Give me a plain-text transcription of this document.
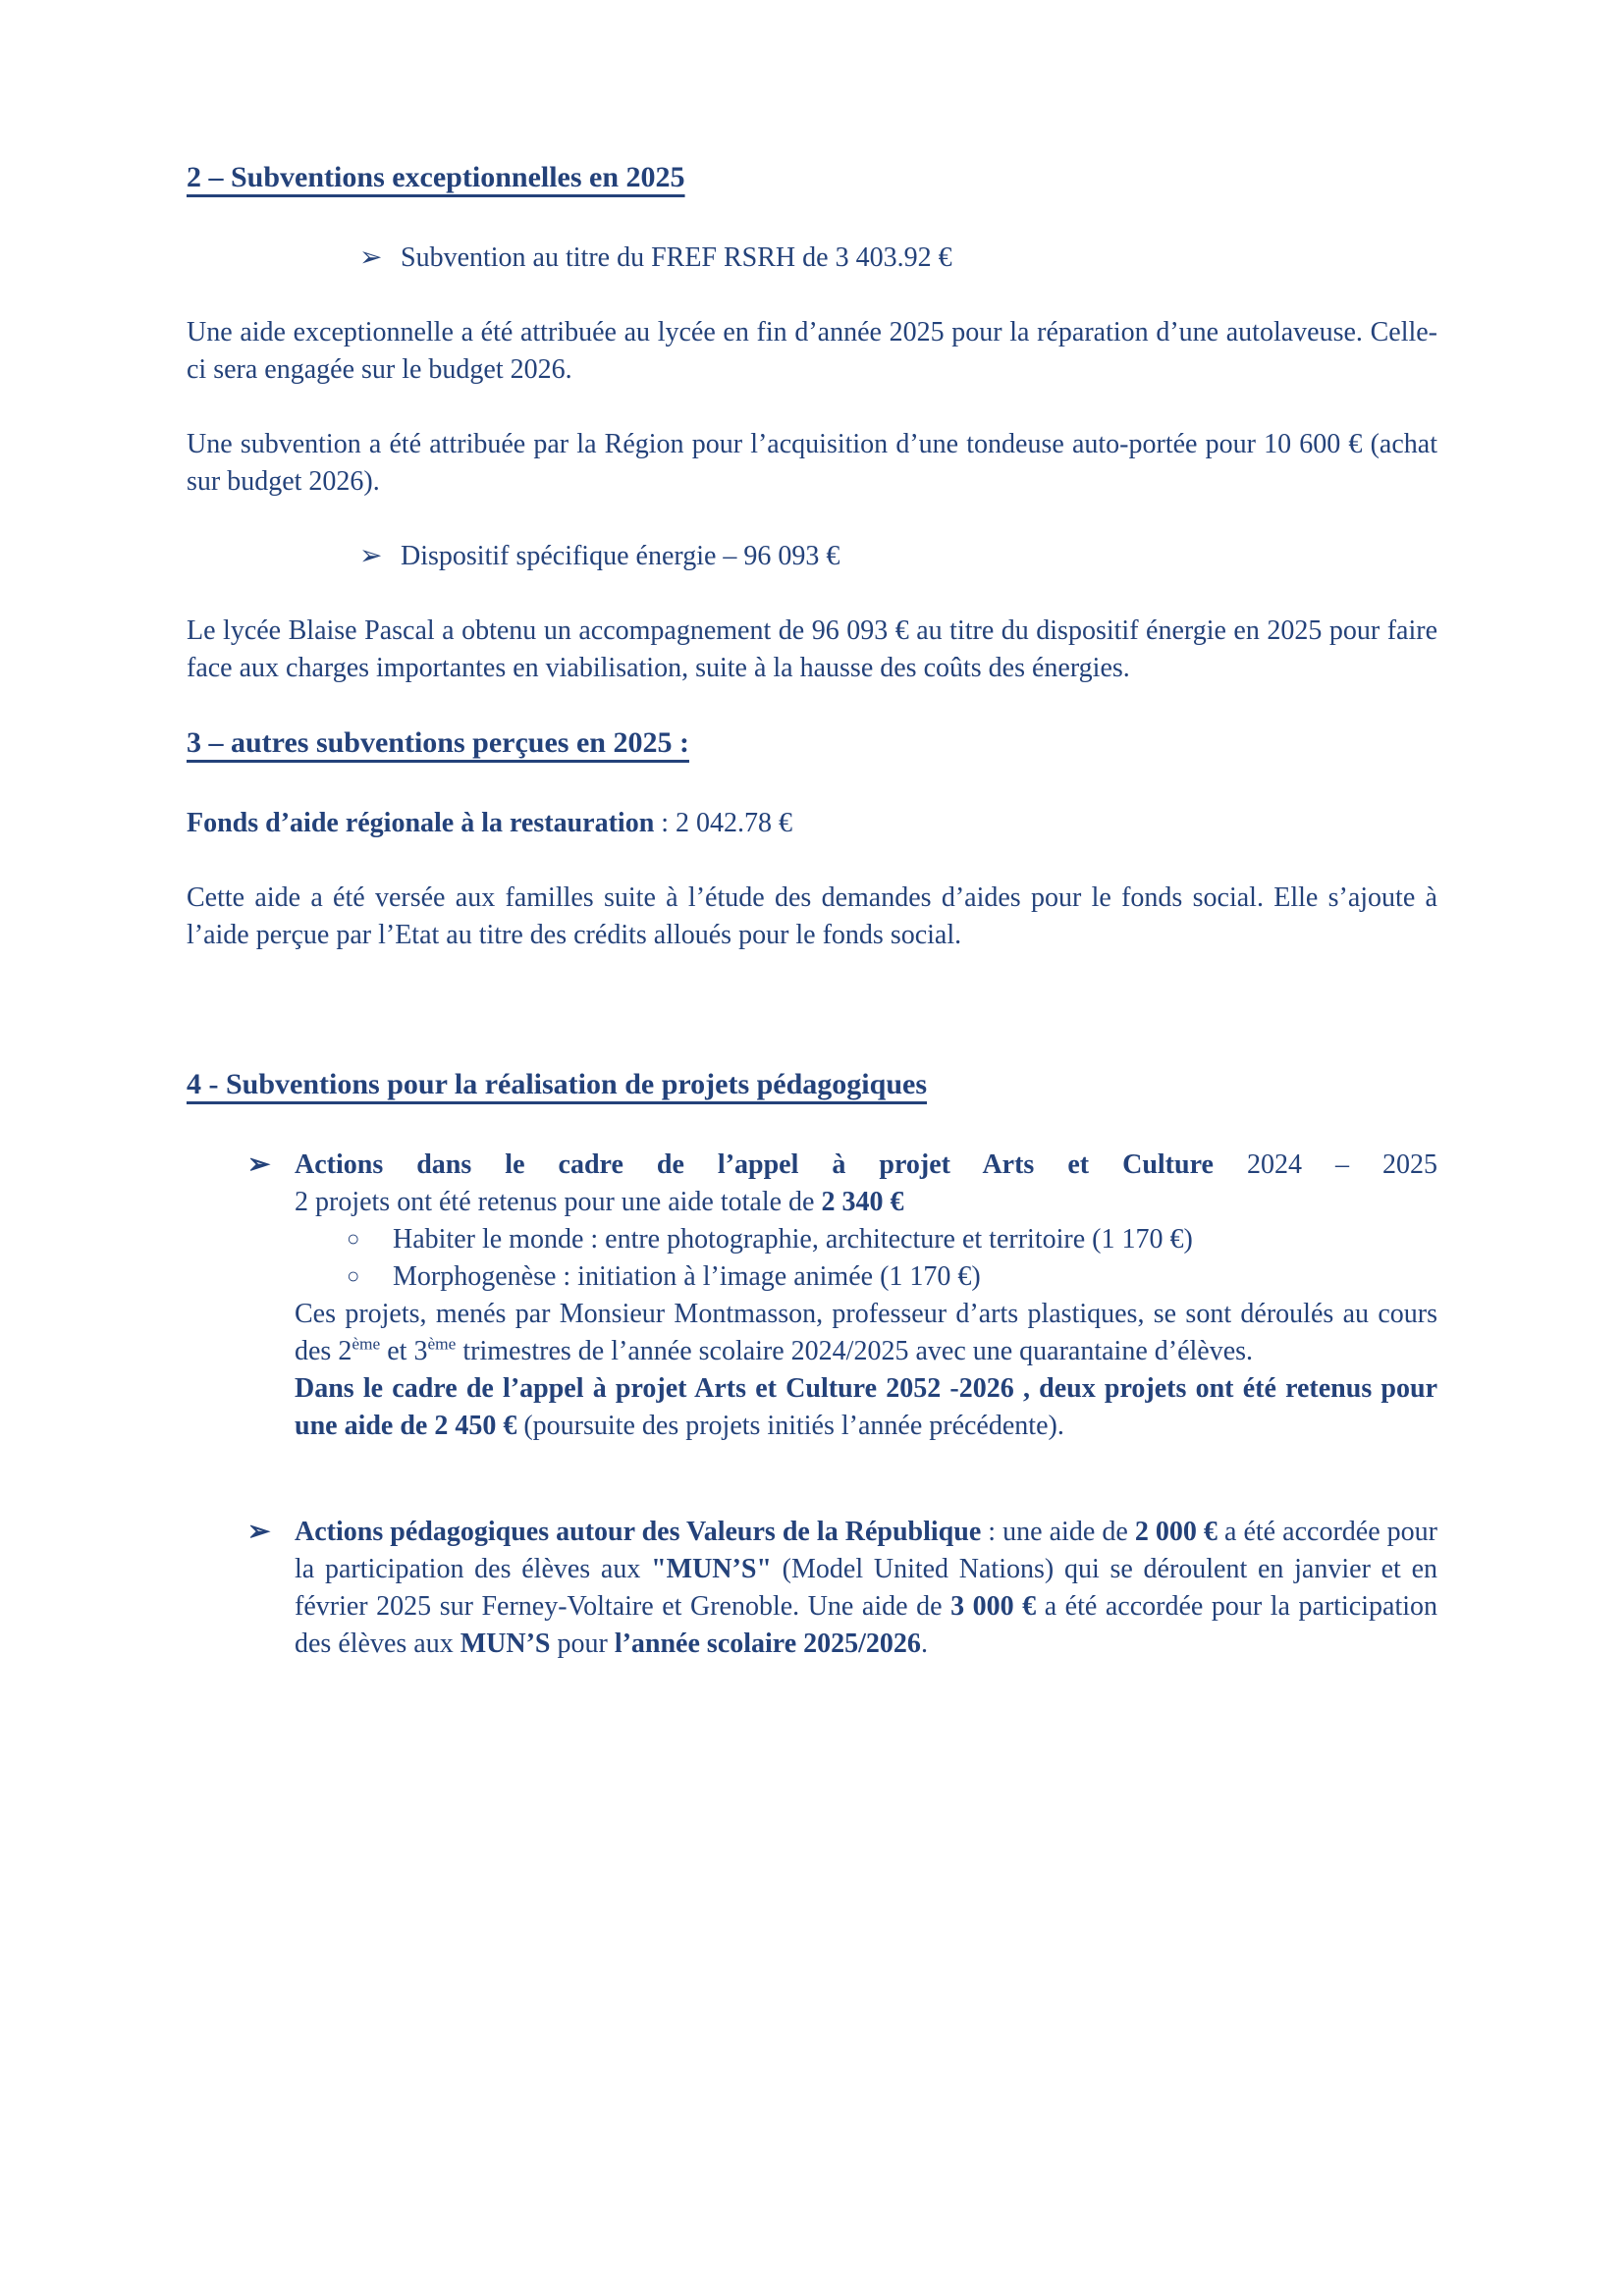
2 – Subventions exceptionnelles en 2025
➢ Subvention au titre du FREF RSRH de 3 403.92 €
Une aide exceptionnelle a été attribuée au lycée en fin d’année 2025 pour la réparation d’une autolaveuse. Celle-ci sera engagée sur le budget 2026.
Une subvention a été attribuée par la Région pour l’acquisition d’une tondeuse auto-portée pour 10 600 € (achat sur budget 2026).
➢ Dispositif spécifique énergie – 96 093 €
Le lycée Blaise Pascal a obtenu un accompagnement de 96 093 € au titre du dispositif énergie en 2025 pour faire face aux charges importantes en viabilisation, suite à la hausse des coûts des énergies.
3 – autres subventions perçues en 2025 :
Fonds d’aide régionale à la restauration : 2 042.78 €
Cette aide a été versée aux familles suite à l’étude des demandes d’aides pour le fonds social. Elle s’ajoute à l’aide perçue par l’Etat au titre des crédits alloués pour le fonds social.
4 - Subventions pour la réalisation de projets pédagogiques
➢ Actions dans le cadre de l’appel à projet Arts et Culture 2024 – 2025
2 projets ont été retenus pour une aide totale de 2 340 €
○ Habiter le monde : entre photographie, architecture et territoire (1 170 €)
○ Morphogenèse : initiation à l’image animée (1 170 €)
Ces projets, menés par Monsieur Montmasson, professeur d’arts plastiques, se sont déroulés au cours des 2ème et 3ème trimestres de l’année scolaire 2024/2025 avec une quarantaine d’élèves.
Dans le cadre de l’appel à projet Arts et Culture 2052 -2026 , deux projets ont été retenus pour une aide de 2 450 € (poursuite des projets initiés l’année précédente).
➢ Actions pédagogiques autour des Valeurs de la République : une aide de 2 000 € a été accordée pour la participation des élèves aux "MUN’S" (Model United Nations) qui se déroulent en janvier et en février 2025 sur Ferney-Voltaire et Grenoble. Une aide de 3 000 € a été accordée pour la participation des élèves aux MUN’S pour l’année scolaire 2025/2026.
